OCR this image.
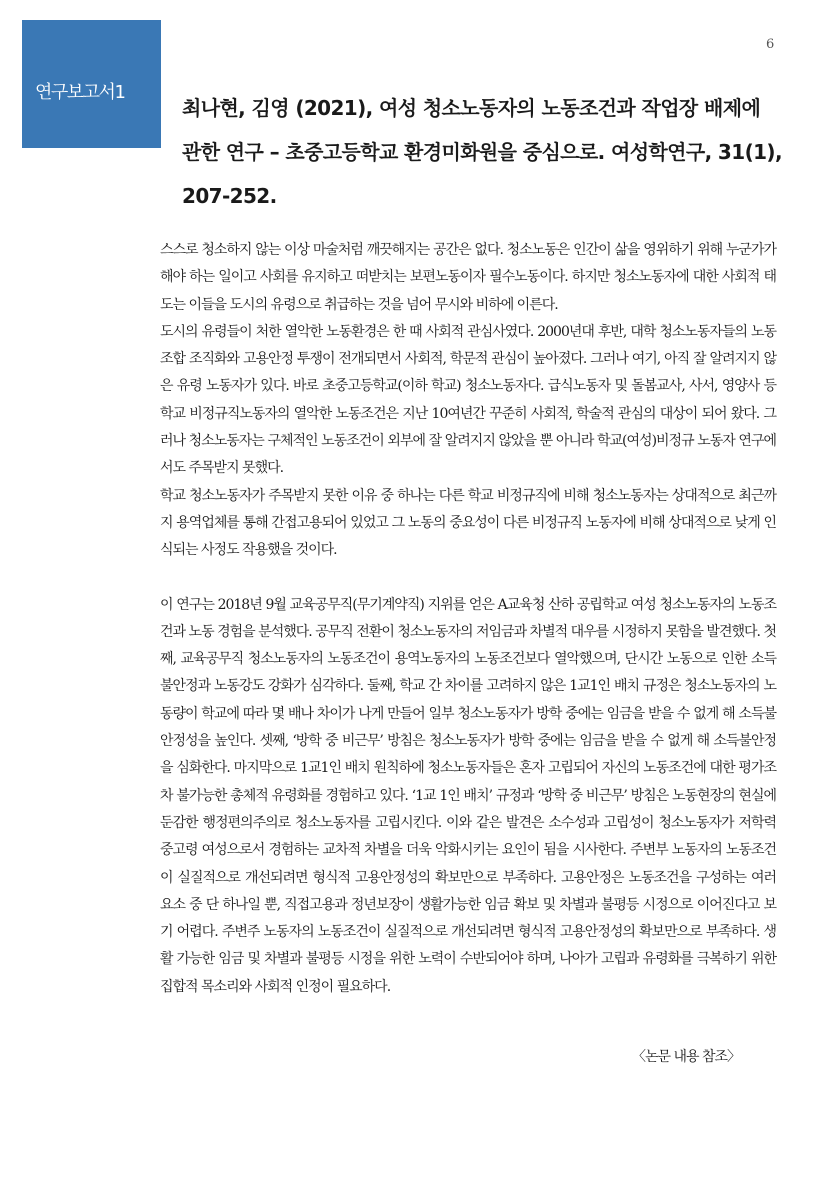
연구보고서1
6
최나현, 김영 (2021), 여성 청소노동자의 노동조건과 작업장 배제에 관한 연구 – 초중고등학교 환경미화원을 중심으로. 여성학연구, 31(1), 207-252.

스스로 청소하지 않는 이상 마술처럼 깨끗해지는 공간은 없다. 청소노동은 인간이 삶을 영위하기 위해 누군가가 해야 하는 일이고 사회를 유지하고 떠받치는 보편노동이자 필수노동이다. 하지만 청소노동자에 대한 사회적 태도는 이들을 도시의 유령으로 취급하는 것을 넘어 무시와 비하에 이른다.

도시의 유령들이 처한 열악한 노동환경은 한 때 사회적 관심사였다. 2000년대 후반, 대학 청소노동자들의 노동조합 조직화와 고용안정 투쟁이 전개되면서 사회적, 학문적 관심이 높아졌다. 그러나 여기, 아직 잘 알려지지 않은 유령 노동자가 있다. 바로 초중고등학교(이하 학교) 청소노동자다. 급식노동자 및 돌봄교사, 사서, 영양사 등 학교 비정규직노동자의 열악한 노동조건은 지난 10여년간 꾸준히 사회적, 학술적 관심의 대상이 되어 왔다. 그러나 청소노동자는 구체적인 노동조건이 외부에 잘 알려지지 않았을 뿐 아니라 학교(여성)비정규 노동자 연구에서도 주목받지 못했다.

학교 청소노동자가 주목받지 못한 이유 중 하나는 다른 학교 비정규직에 비해 청소노동자는 상대적으로 최근까지 용역업체를 통해 간접고용되어 있었고 그 노동의 중요성이 다른 비정규직 노동자에 비해 상대적으로 낮게 인식되는 사정도 작용했을 것이다.

이 연구는 2018년 9월 교육공무직(무기계약직) 지위를 얻은 A교육청 산하 공립학교 여성 청소노동자의 노동조건과 노동 경험을 분석했다. 공무직 전환이 청소노동자의 저임금과 차별적 대우를 시정하지 못함을 발견했다. 첫째, 교육공무직 청소노동자의 노동조건이 용역노동자의 노동조건보다 열악했으며, 단시간 노동으로 인한 소득불안정과 노동강도 강화가 심각하다. 둘째, 학교 간 차이를 고려하지 않은 1교1인 배치 규정은 청소노동자의 노동량이 학교에 따라 몇 배나 차이가 나게 만들어 일부 청소노동자가 방학 중에는 임금을 받을 수 없게 해 소득불안정성을 높인다. 셋째, ‘방학 중 비근무’ 방침은 청소노동자가 방학 중에는 임금을 받을 수 없게 해 소득불안정을 심화한다. 마지막으로 1교1인 배치 원칙하에 청소노동자들은 혼자 고립되어 자신의 노동조건에 대한 평가조차 불가능한 총체적 유령화를 경험하고 있다. ‘1교 1인 배치’ 규정과 ‘방학 중 비근무’ 방침은 노동현장의 현실에 둔감한 행정편의주의로 청소노동자를 고립시킨다. 이와 같은 발견은 소수성과 고립성이 청소노동자가 저학력 중고령 여성으로서 경험하는 교차적 차별을 더욱 악화시키는 요인이 됨을 시사한다. 주변부 노동자의 노동조건이 실질적으로 개선되려면 형식적 고용안정성의 확보만으로 부족하다. 고용안정은 노동조건을 구성하는 여러 요소 중 단 하나일 뿐, 직접고용과 정년보장이 생활가능한 임금 확보 및 차별과 불평등 시정으로 이어진다고 보기 어렵다. 주변주 노동자의 노동조건이 실질적으로 개선되려면 형식적 고용안정성의 확보만으로 부족하다. 생활 가능한 임금 및 차별과 불평등 시정을 위한 노력이 수반되어야 하며, 나아가 고립과 유령화를 극복하기 위한 집합적 목소리와 사회적 인정이 필요하다.

〈논문 내용 참조〉
